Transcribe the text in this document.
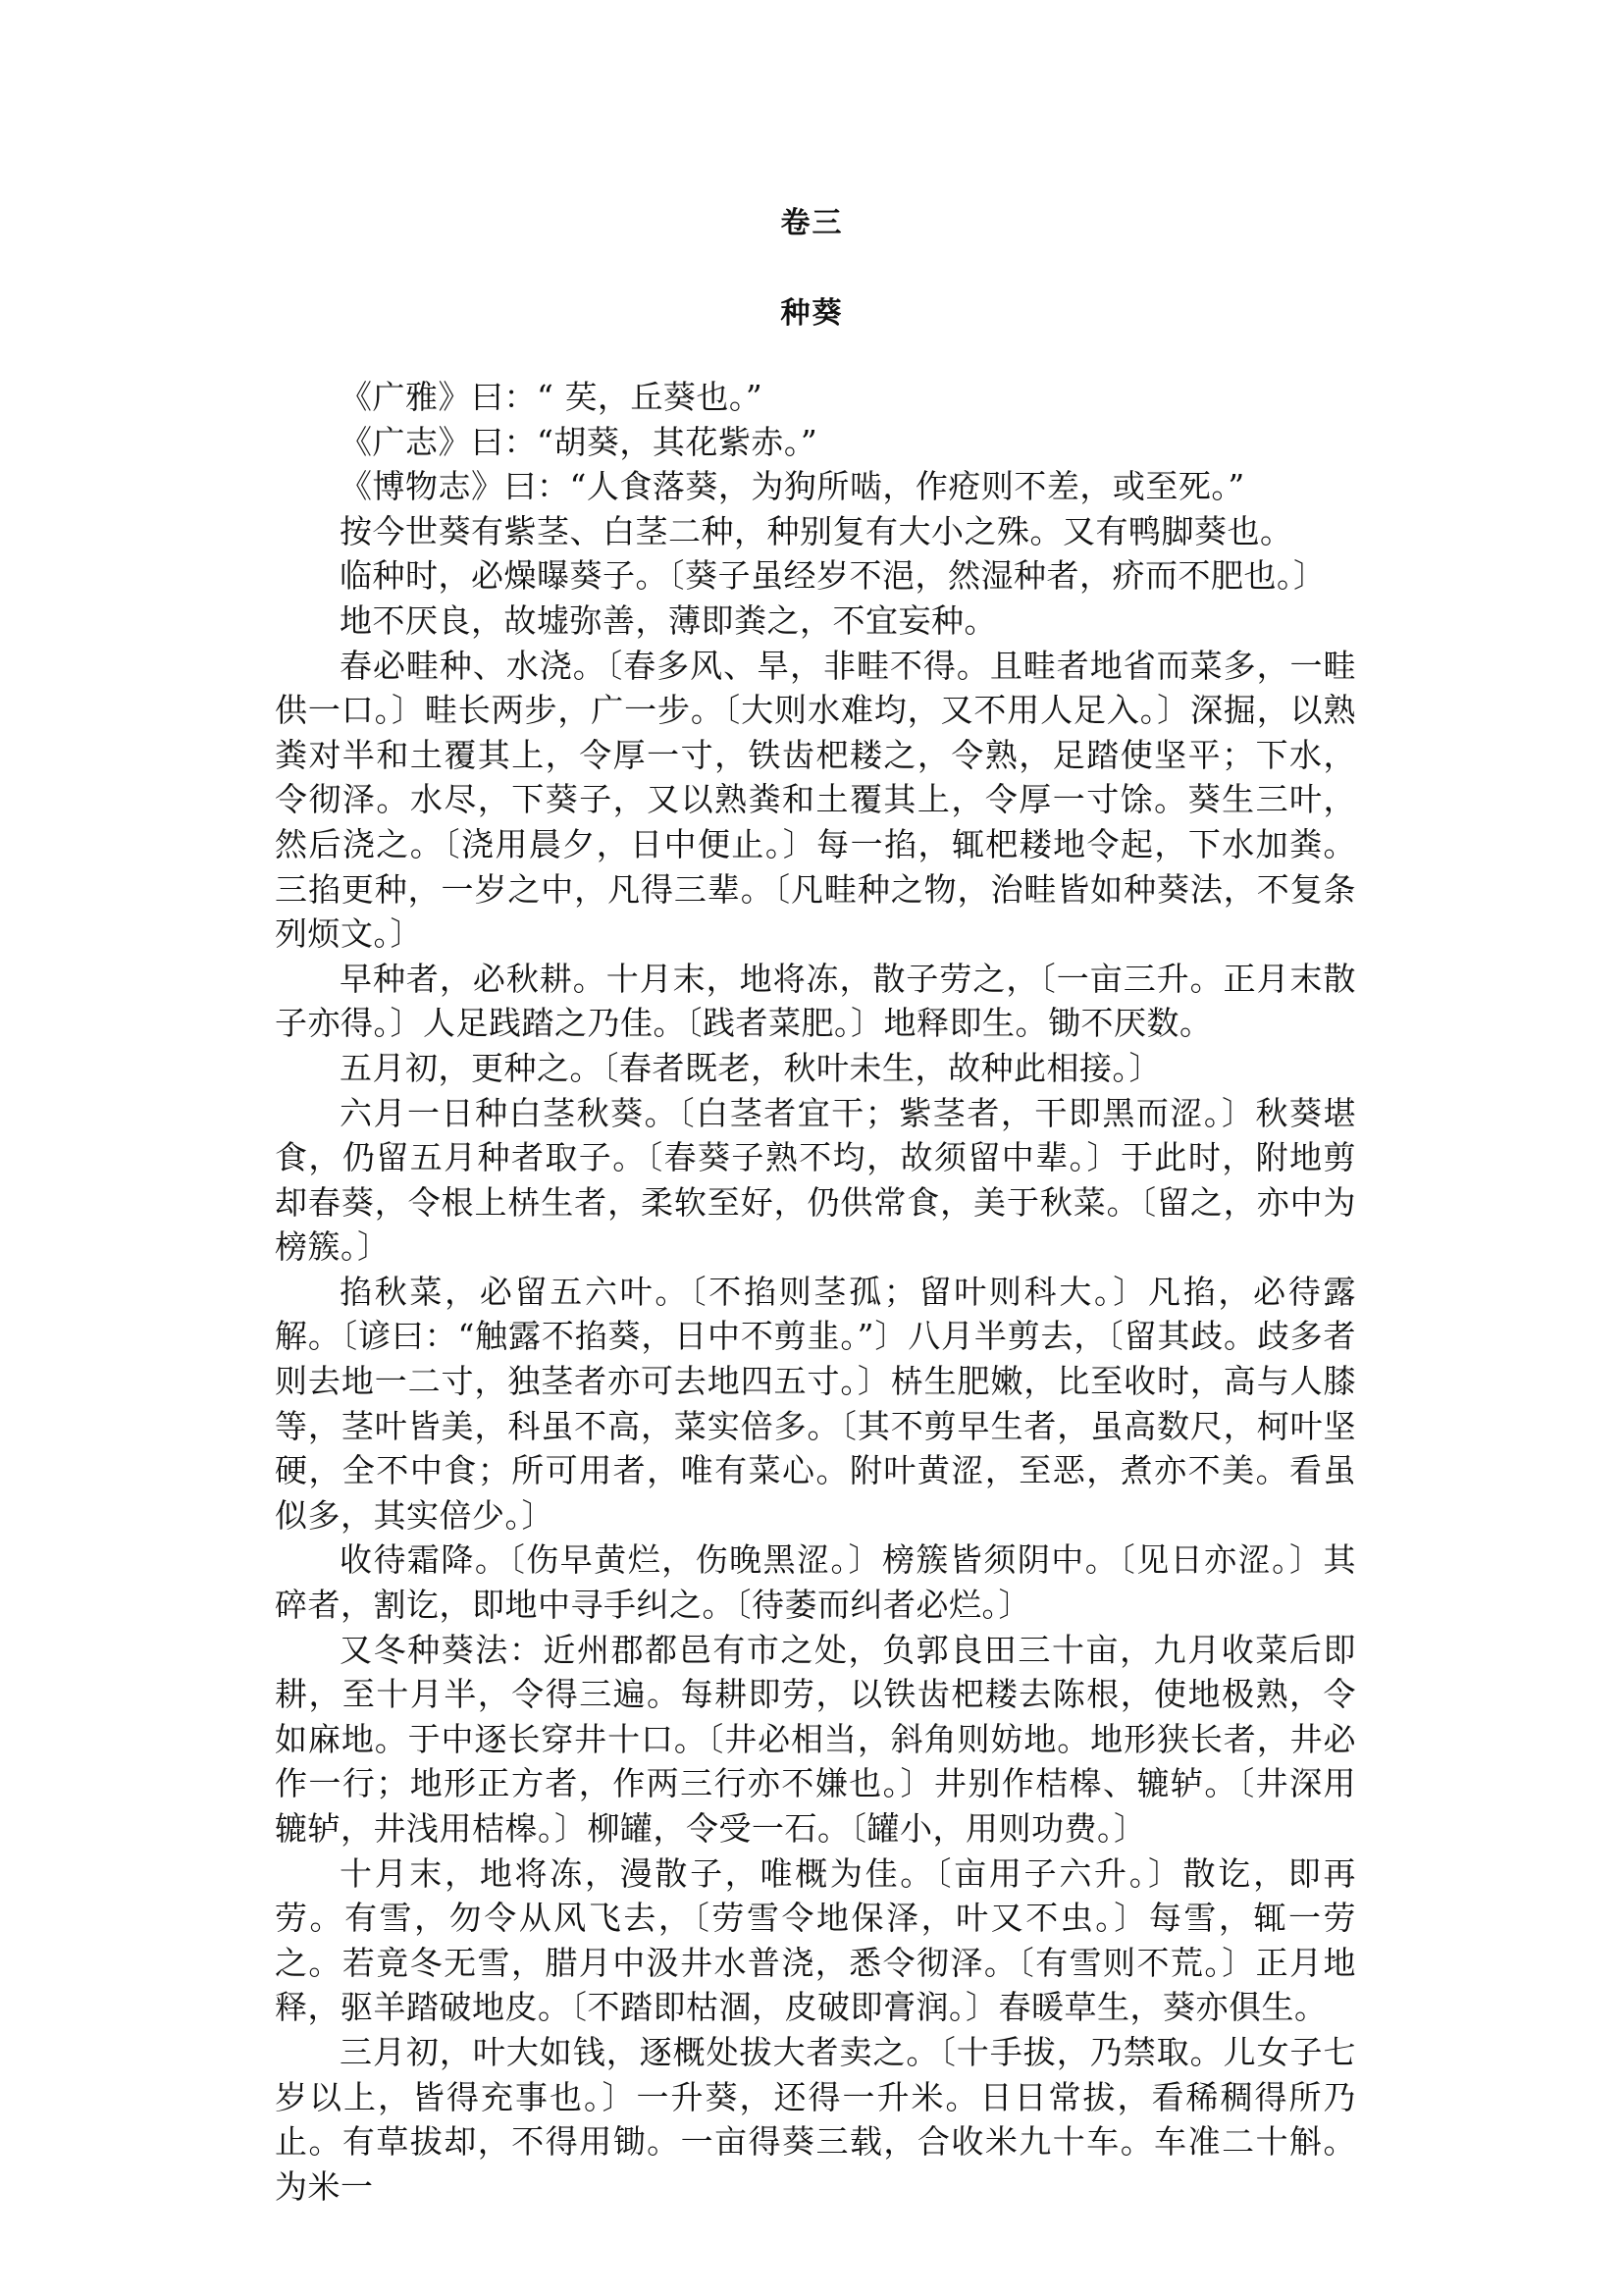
卷三
种葵

《广雅》曰：“ 䒨，丘葵也。”

《广志》曰：“胡葵，其花紫赤。”

《博物志》曰：“人食落葵，为狗所啮，作疮则不差，或至死。”

按今世葵有紫茎、白茎二种，种别复有大小之殊。又有鸭脚葵也。

临种时，必燥曝葵子。〔葵子虽经岁不浥，然湿种者，疥而不肥也。〕

地不厌良，故墟弥善，薄即粪之，不宜妄种。

春必畦种、水浇。〔春多风、旱，非畦不得。且畦者地省而菜多，一畦供一口。〕畦长两步，广一步。〔大则水难均，又不用人足入。〕深掘，以熟粪对半和土覆其上，令厚一寸，铁齿杷耧之，令熟，足踏使坚平；下水，令彻泽。水尽，下葵子，又以熟粪和土覆其上，令厚一寸馀。葵生三叶，然后浇之。〔浇用晨夕，日中便止。〕每一掐，辄杷耧地令起，下水加粪。三掐更种，一岁之中，凡得三辈。〔凡畦种之物，治畦皆如种葵法，不复条列烦文。〕

早种者，必秋耕。十月末，地将冻，散子劳之，〔一亩三升。正月末散子亦得。〕人足践踏之乃佳。〔践者菜肥。〕地释即生。锄不厌数。

五月初，更种之。〔春者既老，秋叶未生，故种此相接。〕

六月一日种白茎秋葵。〔白茎者宜干；紫茎者，干即黑而涩。〕秋葵堪食，仍留五月种者取子。〔春葵子熟不均，故须留中辈。〕于此时，附地剪却春葵，令根上枿生者，柔软至好，仍供常食，美于秋菜。〔留之，亦中为榜簇。〕

掐秋菜，必留五六叶。〔不掐则茎孤；留叶则科大。〕凡掐，必待露解。〔谚曰：“触露不掐葵，日中不剪韭。”〕八月半剪去，〔留其歧。歧多者则去地一二寸，独茎者亦可去地四五寸。〕枿生肥嫩，比至收时，高与人膝等，茎叶皆美，科虽不高，菜实倍多。〔其不剪早生者，虽高数尺，柯叶坚硬，全不中食；所可用者，唯有菜心。附叶黄涩，至恶，煮亦不美。看虽似多，其实倍少。〕

收待霜降。〔伤早黄烂，伤晚黑涩。〕榜簇皆须阴中。〔见日亦涩。〕其碎者，割讫，即地中寻手纠之。〔待萎而纠者必烂。〕

又冬种葵法：近州郡都邑有市之处，负郭良田三十亩，九月收菜后即耕，至十月半，令得三遍。每耕即劳，以铁齿杷耧去陈根，使地极熟，令如麻地。于中逐长穿井十口。〔井必相当，斜角则妨地。地形狭长者，井必作一行；地形正方者，作两三行亦不嫌也。〕井别作桔槔、辘轳。〔井深用辘轳，井浅用桔槔。〕柳罐，令受一石。〔罐小，用则功费。〕

十月末，地将冻，漫散子，唯概为佳。〔亩用子六升。〕散讫，即再劳。有雪，勿令从风飞去，〔劳雪令地保泽，叶又不虫。〕每雪，辄一劳之。若竟冬无雪，腊月中汲井水普浇，悉令彻泽。〔有雪则不荒。〕正月地释，驱羊踏破地皮。〔不踏即枯涸，皮破即膏润。〕春暖草生，葵亦俱生。

三月初，叶大如钱，逐概处拔大者卖之。〔十手拔，乃禁取。儿女子七岁以上，皆得充事也。〕一升葵，还得一升米。日日常拔，看稀稠得所乃止。有草拔却，不得用锄。一亩得葵三载，合收米九十车。车准二十斛。为米一
